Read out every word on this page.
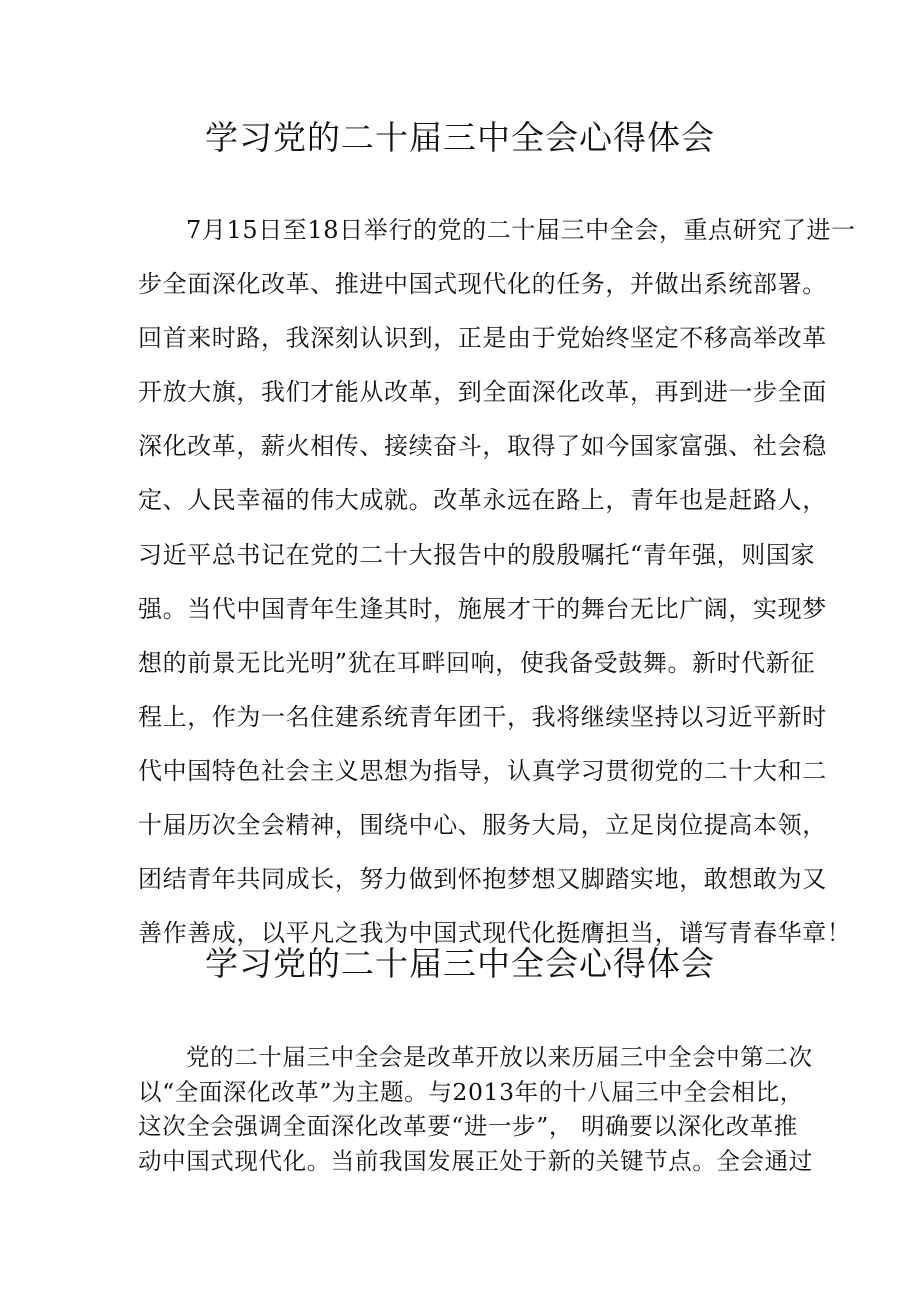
学习党的二十届三中全会心得体会
7月15日至18日举行的党的二十届三中全会，重点研究了进一
步全面深化改革、推进中国式现代化的任务，并做出系统部署。
回首来时路，我深刻认识到，正是由于党始终坚定不移高举改革
开放大旗，我们才能从改革，到全面深化改革，再到进一步全面
深化改革，薪火相传、接续奋斗，取得了如今国家富强、社会稳
定、人民幸福的伟大成就。改革永远在路上，青年也是赶路人，
习近平总书记在党的二十大报告中的殷殷嘱托“青年强，则国家
强。当代中国青年生逢其时，施展才干的舞台无比广阔，实现梦
想的前景无比光明”犹在耳畔回响，使我备受鼓舞。新时代新征
程上，作为一名住建系统青年团干，我将继续坚持以习近平新时
代中国特色社会主义思想为指导，认真学习贯彻党的二十大和二
十届历次全会精神，围绕中心、服务大局，立足岗位提高本领，
团结青年共同成长，努力做到怀抱梦想又脚踏实地，敢想敢为又
善作善成，以平凡之我为中国式现代化挺膺担当，谱写青春华章！
学习党的二十届三中全会心得体会
党的二十届三中全会是改革开放以来历届三中全会中第二次
以“全面深化改革”为主题。与2013年的十八届三中全会相比，
这次全会强调全面深化改革要“进一步”， 明确要以深化改革推
动中国式现代化。当前我国发展正处于新的关键节点。全会通过
